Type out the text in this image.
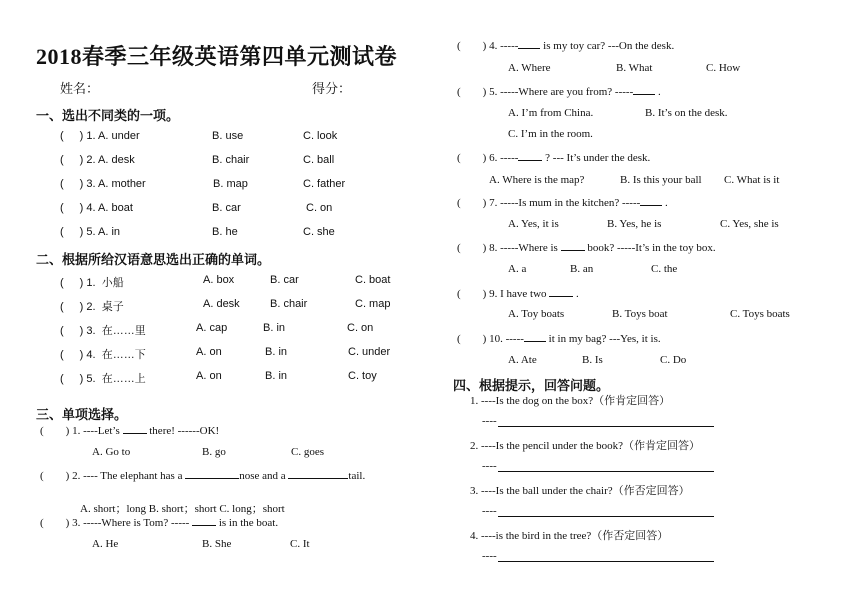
2018春季三年级英语第四单元测试卷
姓名：	得分：
一、选出不同类的一项。
( ) 1. A. under	B. use	C. look
( ) 2. A. desk	B. chair	C. ball
( ) 3. A. mother	B. map	C. father
( ) 4. A. boat	B. car	C. on
( ) 5. A. in	B. he	C. she
二、根据所给汉语意思选出正确的单词。
( ) 1. 小船	A. box	B. car	C. boat
( ) 2. 桌子	A. desk	B. chair	C. map
( ) 3. 在……里	A. cap	B. in	C. on
( ) 4. 在……下	A. on	B. in	C. under
( ) 5. 在……上	A. on	B. in	C. toy
三、单项选择。
( ) 1. ----Let’s	there! ------OK!
A. Go to	B. go	C. goes
( ) 2. ---- The elephant has a	nose and a	tail.
A. short；long B. short；short C. long；short
( ) 3. -----Where is Tom? -----	is in the boat.
A. He	B. She	C. It
( ) 4. ----- is my toy car? ---On the desk.
A. Where	B. What	C. How
( ) 5. -----Where are you from? ----- .
A. I’m from China.	B. It’s on the desk.
C. I’m in the room.
( ) 6. ----- ? --- It’s under the desk.
A. Where is the map?	B. Is this your ball C. What is it
( ) 7. -----Is mum in the kitchen? ----- .
A. Yes, it is	B. Yes, he is	C. Yes, she is
( ) 8. -----Where is	book? -----It’s in the toy box.
A. a	B. an	C. the
( ) 9. I have two	.
A. Toy boats	B. Toys boat	C. Toys boats
( ) 10. ----- it in my bag? ---Yes, it is.
A. Ate	B. Is	C. Do
四、根据提示，回答问题。
1. ----Is the dog on the box?（作肯定回答）
----
2. ----Is the pencil under the book?（作肯定回答）
----
3. ----Is the ball under the chair?（作否定回答）
----
4. ----is the bird in the tree?（作否定回答）
----
